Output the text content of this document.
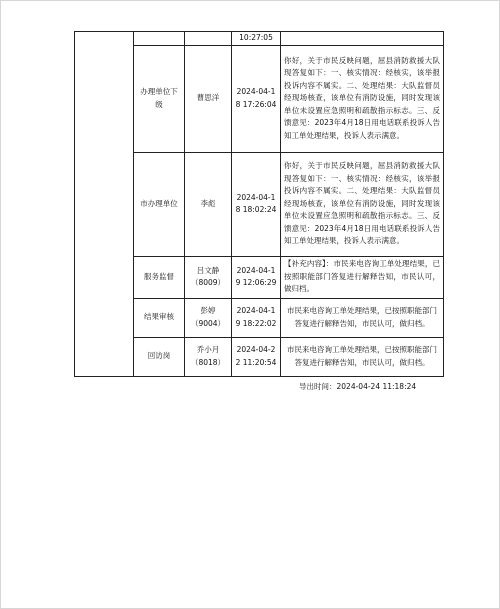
			10:27:05	
	办理单位下级	曹思洋	2024-04-18 17:26:04	你好，关于市民反映问题，屈县消防救援大队现答复如下：一、核实情况：经核实，该举报投诉内容不属实。二、处理结果：大队监督员经现场核查，该单位有消防设施，同时发现该单位未设置应急照明和疏散指示标志。三、反馈意见：2023年4月18日用电话联系投诉人告知工单处理结果，投诉人表示满意。
	市办理单位	李彪	2024-04-18 18:02:24	你好，关于市民反映问题，屈县消防救援大队现答复如下：一、核实情况：经核实，该举报投诉内容不属实。二、处理结果：大队监督员经现场核查，该单位有消防设施，同时发现该单位未设置应急照明和疏散指示标志。三、反馈意见：2023年4月18日用电话联系投诉人告知工单处理结果，投诉人表示满意。
	服务监督	吕文静（8009）	2024-04-19 12:06:29	【补充内容】：市民来电咨询工单处理结果，已按照职能部门答复进行解释告知，市民认可，做归档。
	结果审核	彭婷（9004）	2024-04-19 18:22:02	市民来电咨询工单处理结果，已按照职能部门答复进行解释告知，市民认可，做归档。
	回访岗	乔小月（8018）	2024-04-22 11:20:54	市民来电咨询工单处理结果，已按照职能部门答复进行解释告知，市民认可，做归档。
导出时间：2024-04-24 11:18:24
